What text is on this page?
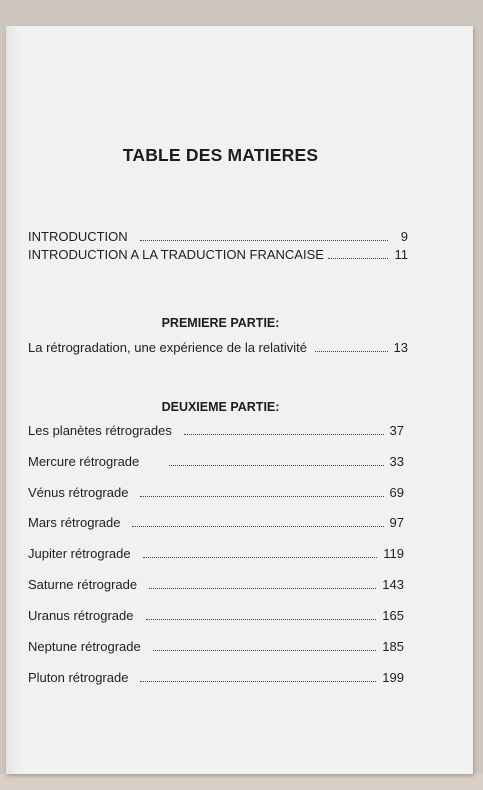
TABLE DES MATIERES
INTRODUCTION	9
INTRODUCTION A LA TRADUCTION FRANCAISE	11
PREMIERE PARTIE:
La rétrogradation, une expérience de la relativité	13
DEUXIEME PARTIE:
Les planètes rétrogrades	37
Mercure rétrograde	33
Vénus rétrograde	69
Mars rétrograde	97
Jupiter rétrograde	119
Saturne rétrograde	143
Uranus rétrograde	165
Neptune rétrograde	185
Pluton rétrograde	199
